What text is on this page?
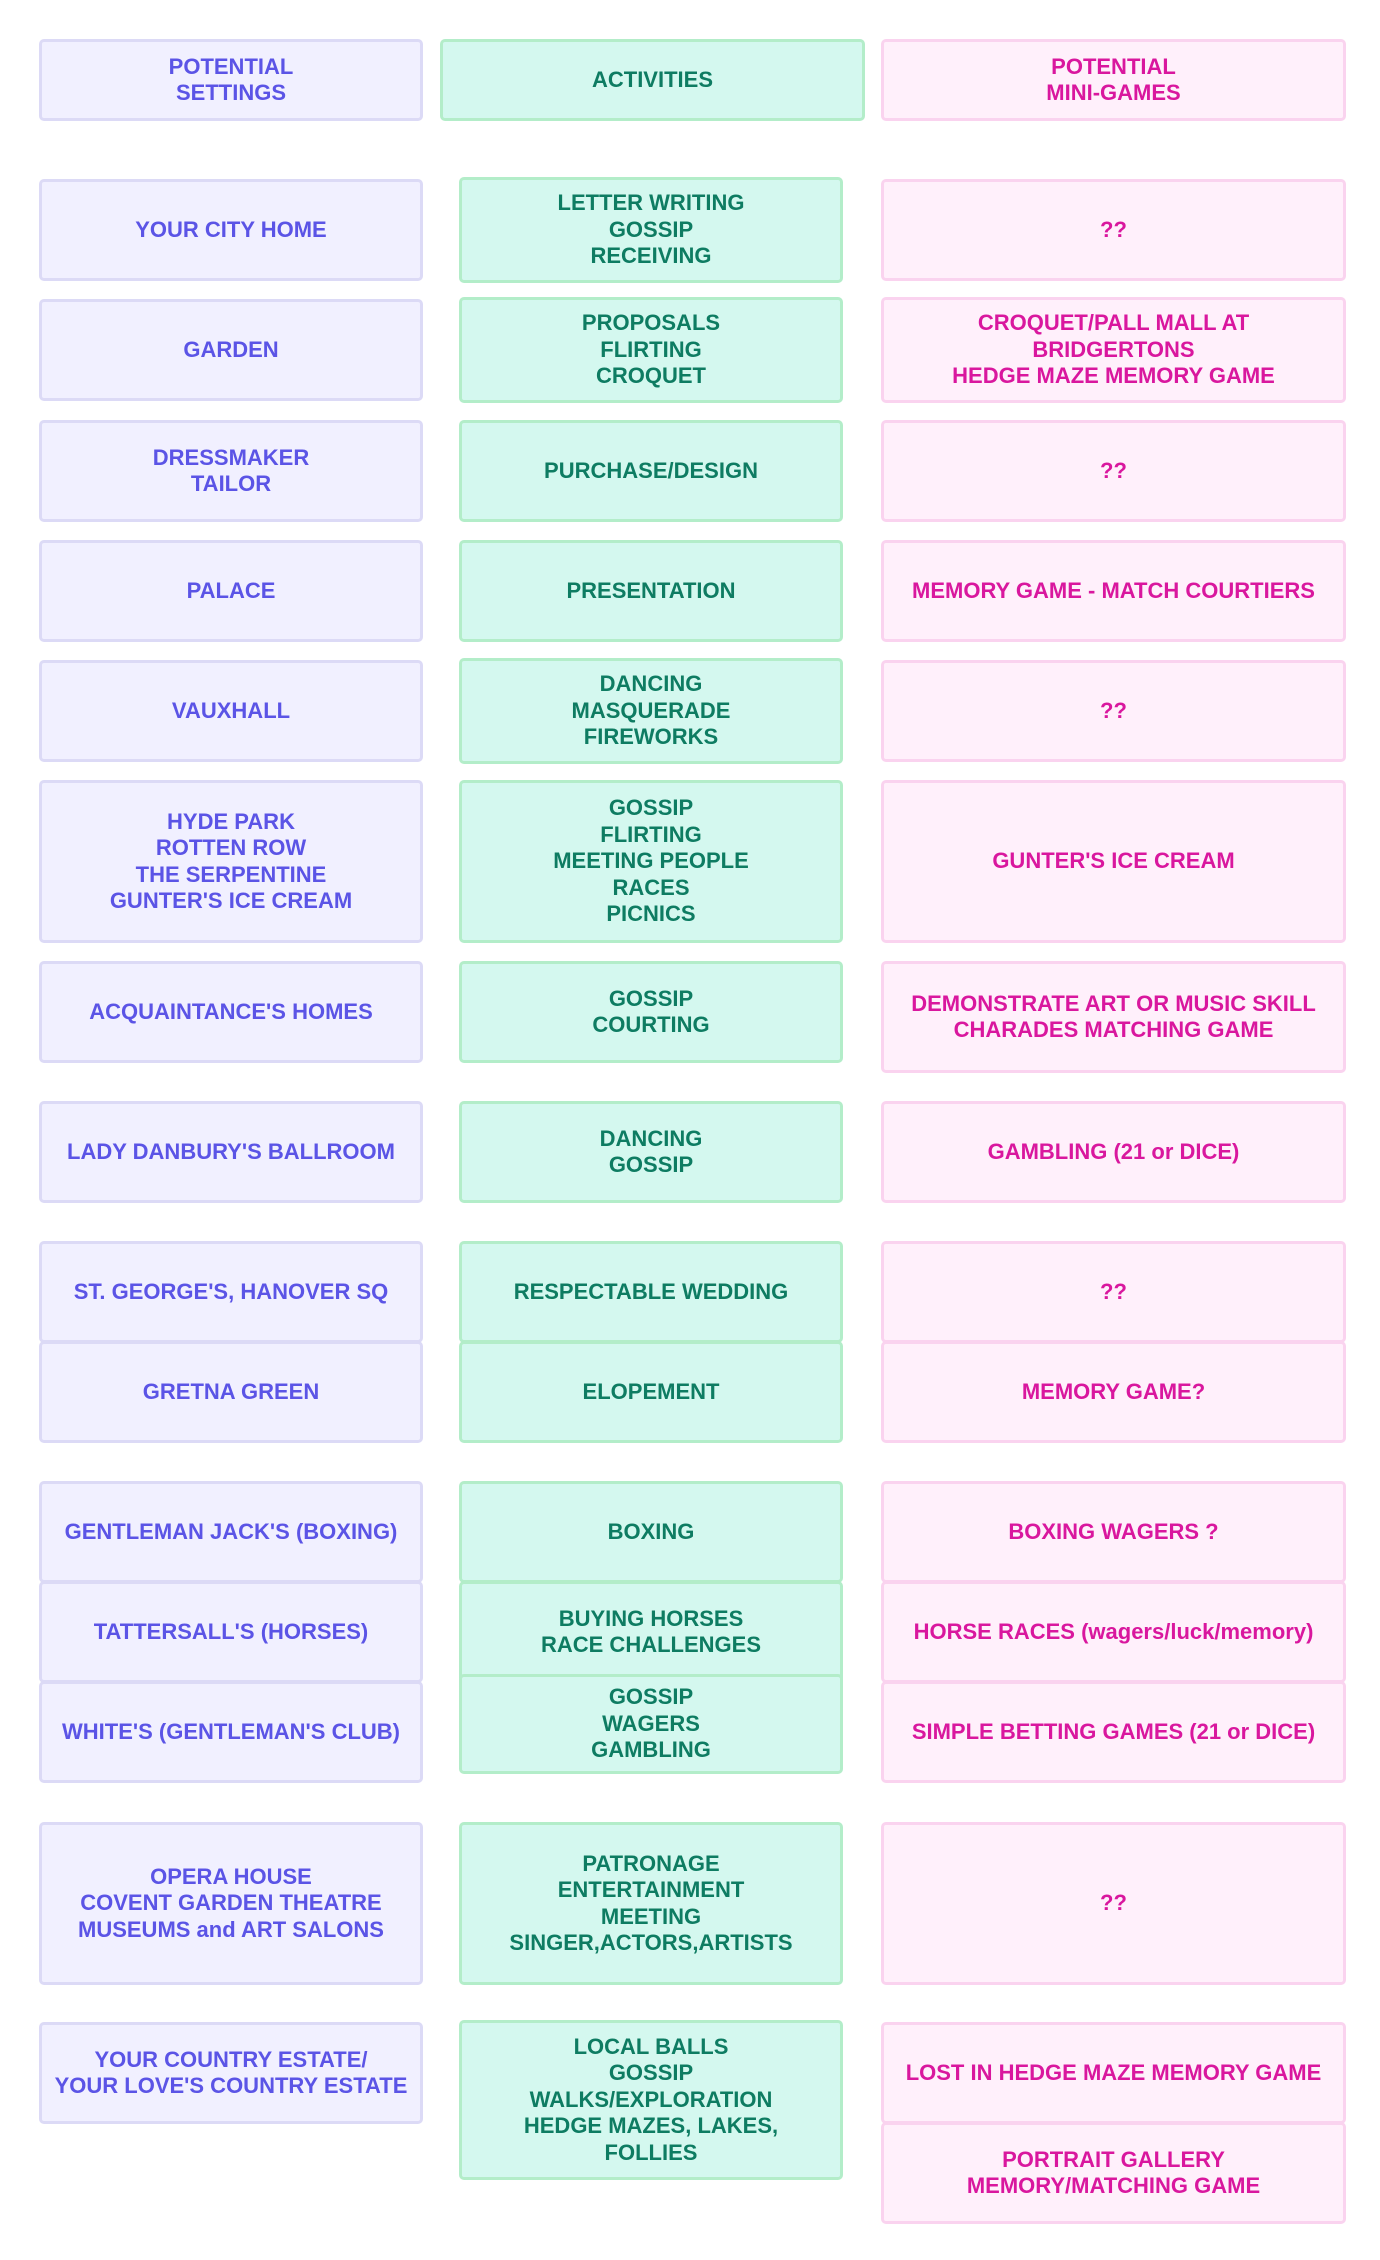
POTENTIAL
SETTINGS
ACTIVITIES
POTENTIAL
MINI-GAMES
YOUR CITY HOME
GARDEN
DRESSMAKER
TAILOR
PALACE
VAUXHALL
HYDE PARK
ROTTEN ROW
THE SERPENTINE
GUNTER'S ICE CREAM
ACQUAINTANCE'S HOMES
LADY DANBURY'S BALLROOM
ST. GEORGE'S, HANOVER SQ
GRETNA GREEN
GENTLEMAN JACK'S (BOXING)
TATTERSALL'S (HORSES)
WHITE'S (GENTLEMAN'S CLUB)
OPERA HOUSE
COVENT GARDEN THEATRE
MUSEUMS and ART SALONS
YOUR COUNTRY ESTATE/
YOUR LOVE'S COUNTRY ESTATE
LETTER WRITING
GOSSIP
RECEIVING
PROPOSALS
FLIRTING
CROQUET
PURCHASE/DESIGN
PRESENTATION
DANCING
MASQUERADE
FIREWORKS
GOSSIP
FLIRTING
MEETING PEOPLE
RACES
PICNICS
GOSSIP
COURTING
DANCING
GOSSIP
RESPECTABLE WEDDING
ELOPEMENT
BOXING
BUYING HORSES
RACE CHALLENGES
GOSSIP
WAGERS
GAMBLING
PATRONAGE
ENTERTAINMENT
MEETING
SINGER,ACTORS,ARTISTS
LOCAL BALLS
GOSSIP
WALKS/EXPLORATION
HEDGE MAZES, LAKES,
FOLLIES
??
CROQUET/PALL MALL AT
BRIDGERTONS
HEDGE MAZE MEMORY GAME
??
MEMORY GAME - MATCH COURTIERS
??
GUNTER'S ICE CREAM
DEMONSTRATE ART OR MUSIC SKILL
CHARADES MATCHING GAME
GAMBLING (21 or DICE)
??
MEMORY GAME?
BOXING WAGERS ?
HORSE RACES (wagers/luck/memory)
SIMPLE BETTING GAMES (21 or DICE)
??
LOST IN HEDGE MAZE MEMORY GAME
PORTRAIT GALLERY
MEMORY/MATCHING GAME
